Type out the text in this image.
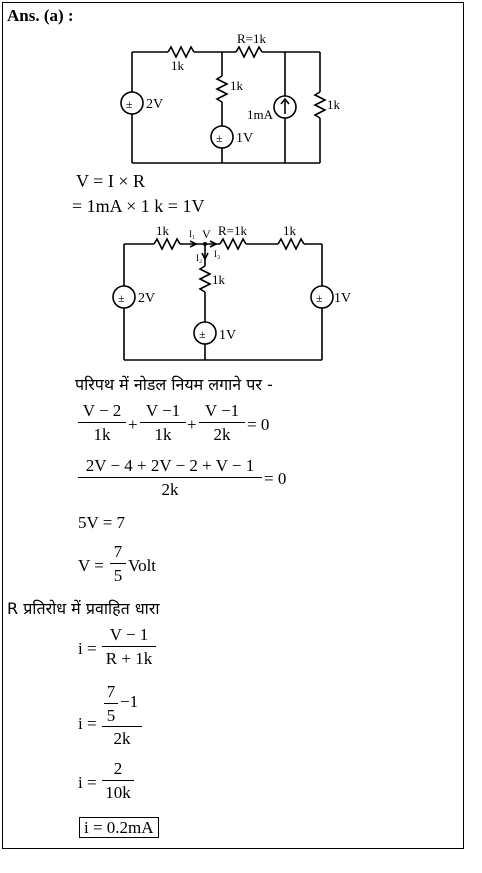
Ans. (a) :
±
±
1k
R=1k
1k
1k
2V
1V
1mA
V = I × R
= 1mA × 1 k = 1V
±
±
±
1k	R=1k	1k
1k
V
I₁
I₂ I₃
2V
1V
1V
परिपथ में नोडल नियम लगाने पर -
V − 2
1k
+
V −1
1k
+
V −1
2k
= 0
2V − 4 + 2V − 2 + V − 1
2k
= 0
5V = 7
V =
7
5
Volt
R प्रतिरोध में प्रवाहित धारा
i =
V − 1
R + 1k
i =
7
5
−1
2k
i =
2
10k
i = 0.2mA
